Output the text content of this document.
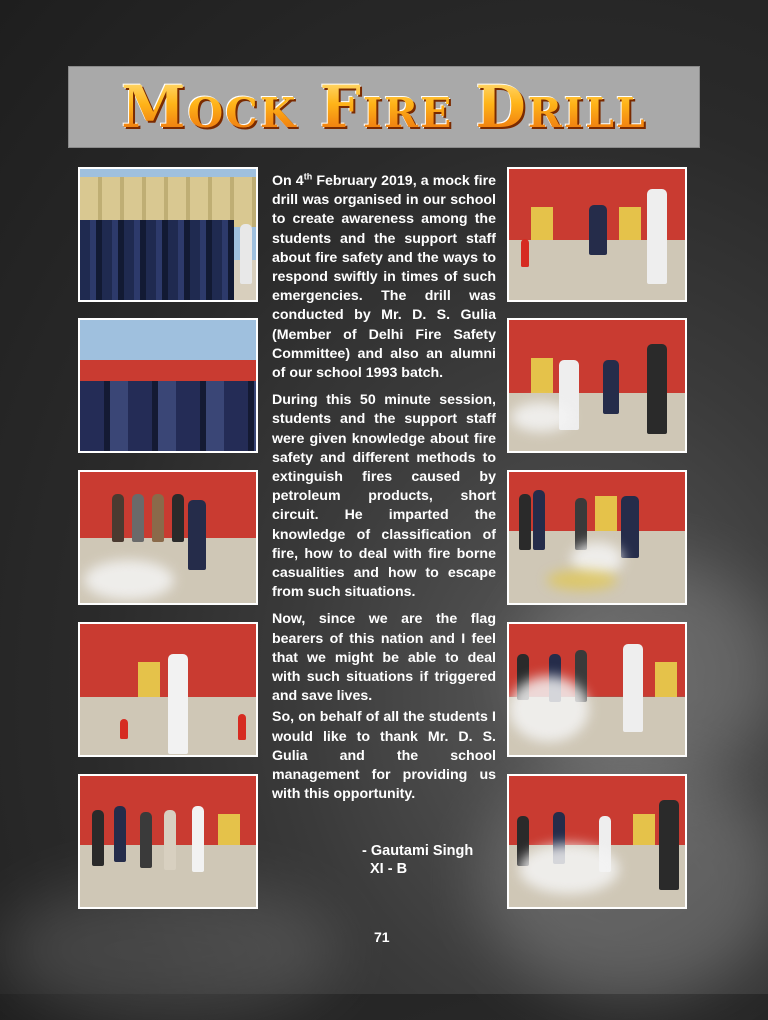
Mock Fire Drill

On 4th February 2019, a mock fire drill was organised in our school to create awareness among the students and the support staff about fire safety and the ways to respond swiftly in times of such emergencies. The drill was conducted by Mr. D. S. Gulia (Member of Delhi Fire Safety Committee) and also an alumni of our school 1993 batch.

During this 50 minute session, students and the support staff were given knowledge about fire safety and different methods to extinguish fires caused by petroleum products, short circuit. He imparted the knowledge of classification of fire, how to deal with fire borne casualities and how to escape from such situations.

Now, since we are the flag bearers of this nation and I feel that we might be able to deal with such situations if triggered and save lives.

So, on behalf of all the students I would like to thank Mr. D. S. Gulia and the school management for providing us with this opportunity.

- Gautami Singh
XI - B
71
